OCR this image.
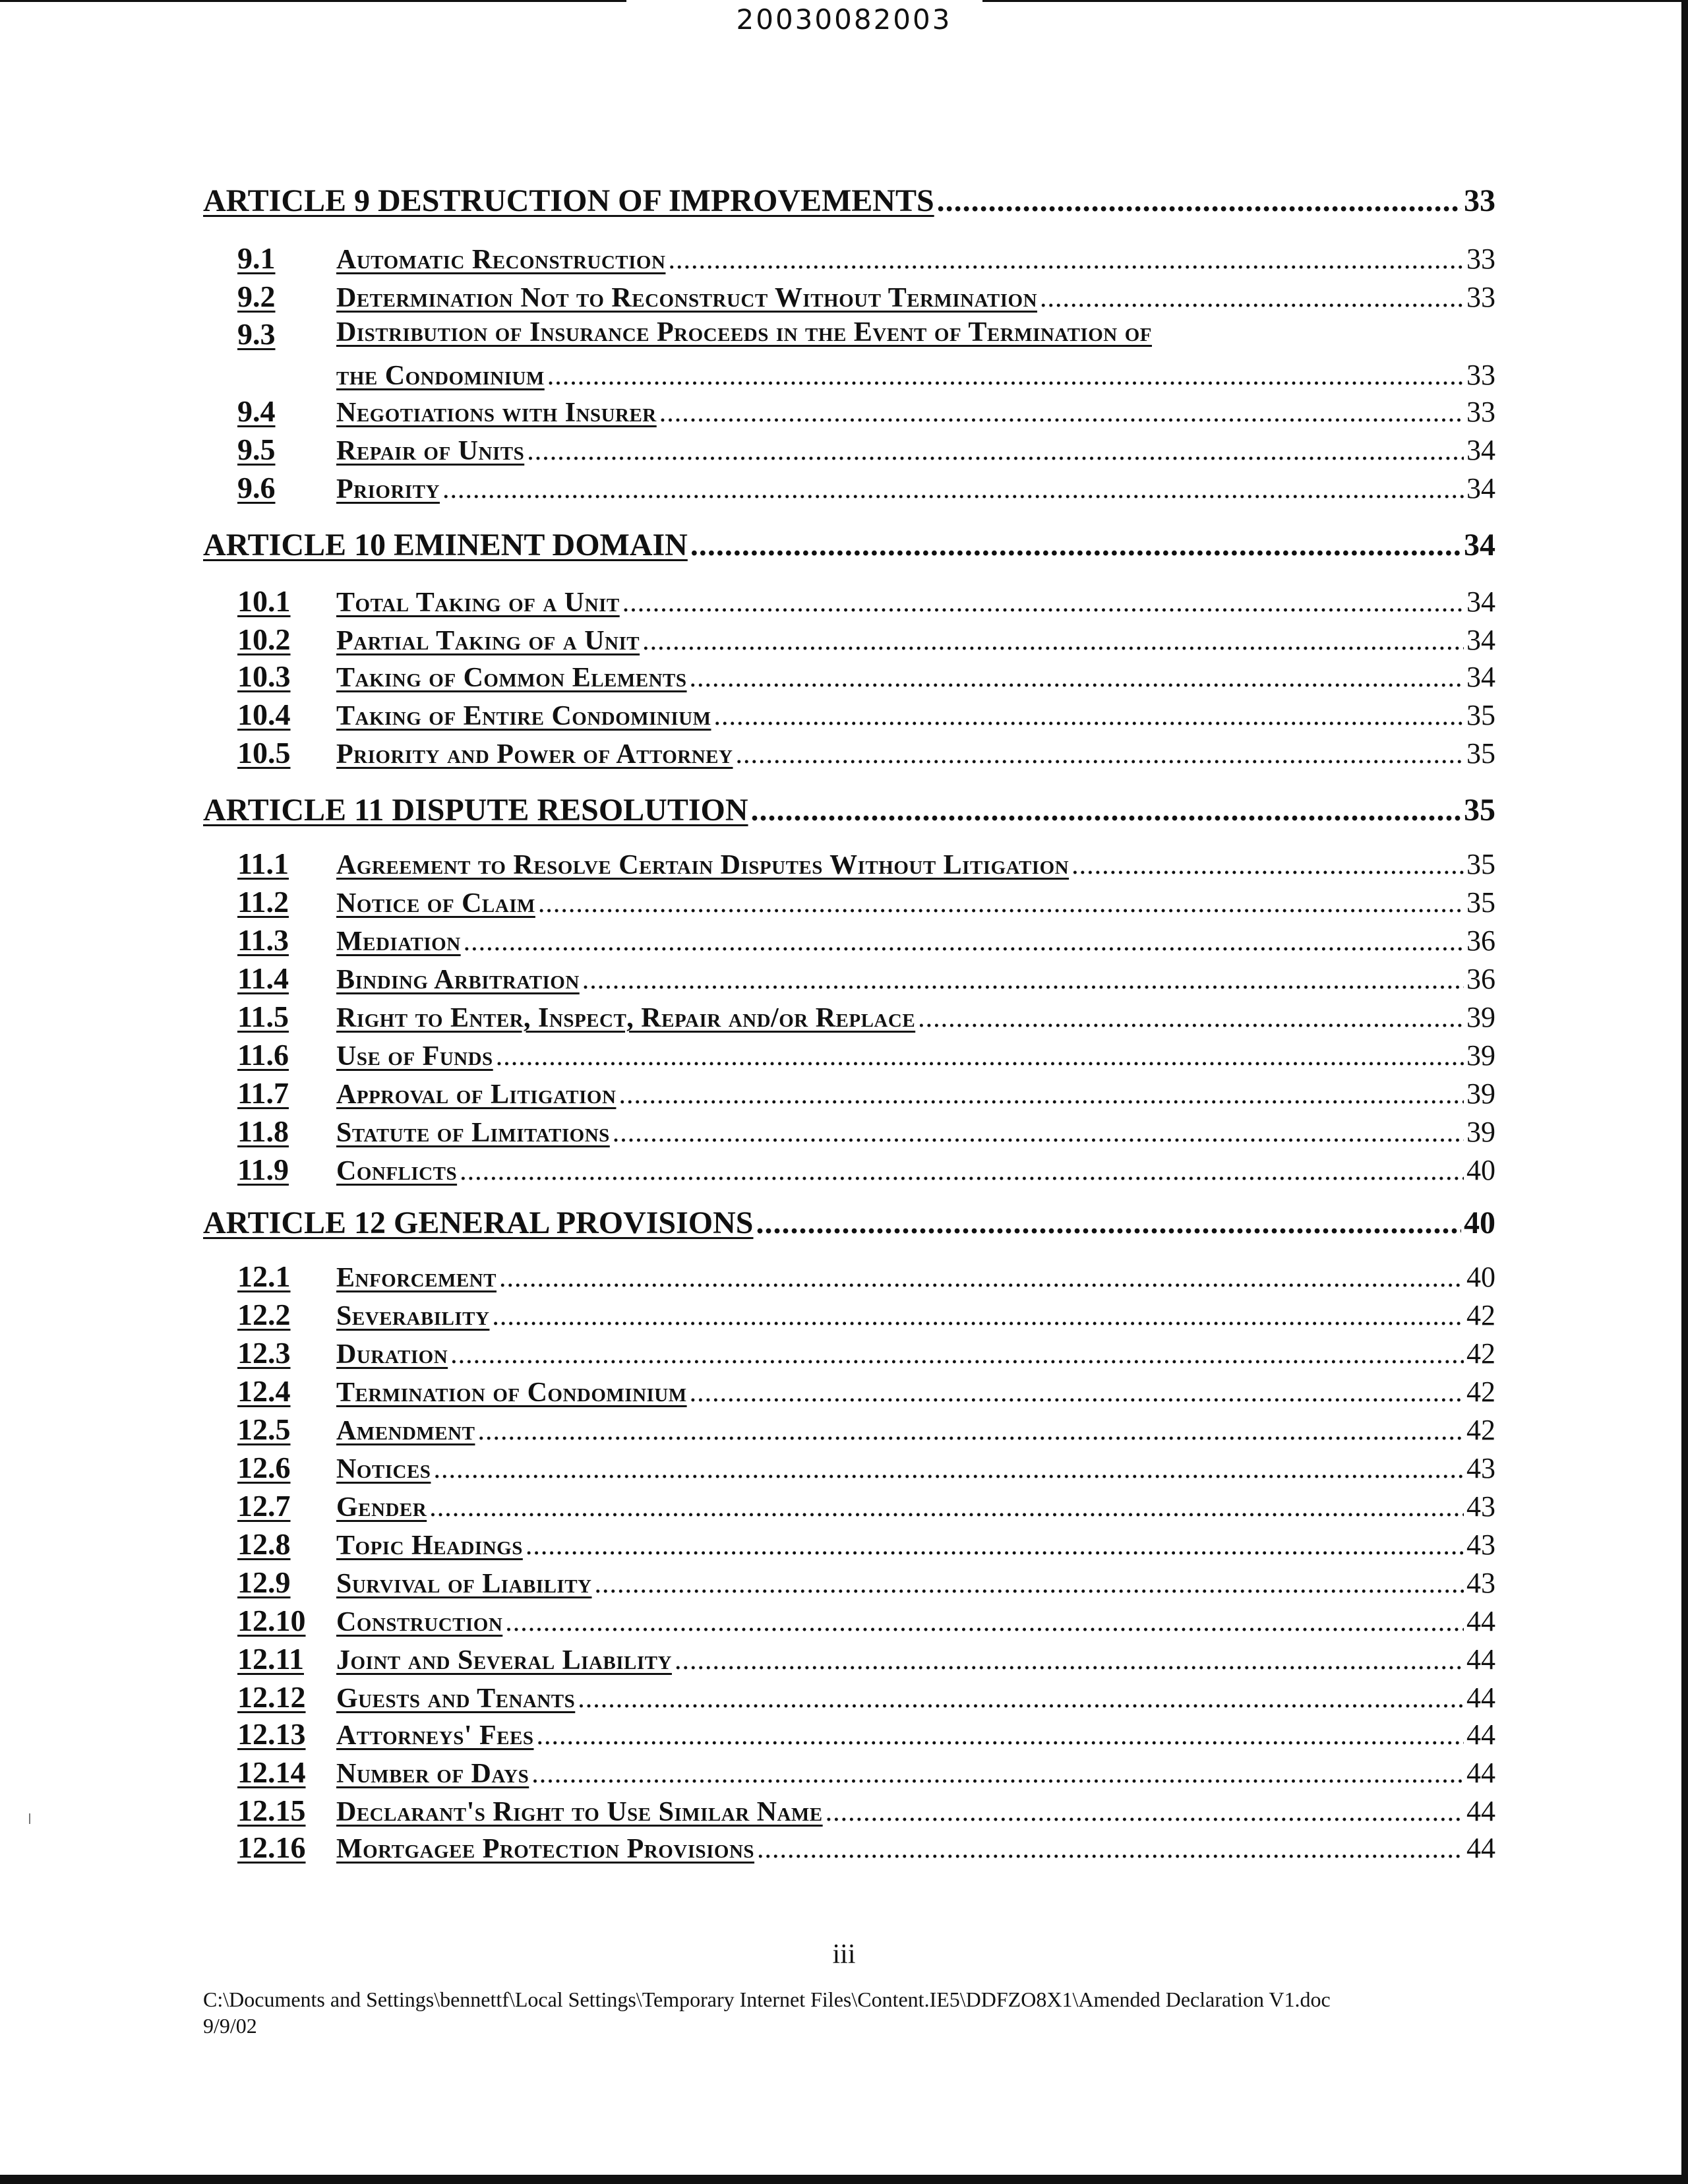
20030082003
ARTICLE 9 DESTRUCTION OF IMPROVEMENTS .....	33
9.1	Automatic Reconstruction .....	33
9.2	Determination Not to Reconstruct Without Termination .....	33
9.3	Distribution of Insurance Proceeds in the Event of Termination of
the Condominium .....	33
9.4	Negotiations with Insurer .....	33
9.5	Repair of Units .....	34
9.6	Priority .....	34
ARTICLE 10 EMINENT DOMAIN .....	34
10.1	Total Taking of a Unit .....	34
10.2	Partial Taking of a Unit .....	34
10.3	Taking of Common Elements .....	34
10.4	Taking of Entire Condominium .....	35
10.5	Priority and Power of Attorney .....	35
ARTICLE 11 DISPUTE RESOLUTION .....	35
11.1	Agreement to Resolve Certain Disputes Without Litigation .....	35
11.2	Notice of Claim .....	35
11.3	Mediation .....	36
11.4	Binding Arbitration .....	36
11.5	Right to Enter, Inspect, Repair and/or Replace .....	39
11.6	Use of Funds .....	39
11.7	Approval of Litigation .....	39
11.8	Statute of Limitations .....	39
11.9	Conflicts .....	40
ARTICLE 12 GENERAL PROVISIONS .....	40
12.1	Enforcement .....	40
12.2	Severability .....	42
12.3	Duration .....	42
12.4	Termination of Condominium .....	42
12.5	Amendment .....	42
12.6	Notices .....	43
12.7	Gender .....	43
12.8	Topic Headings .....	43
12.9	Survival of Liability .....	43
12.10	Construction .....	44
12.11	Joint and Several Liability .....	44
12.12	Guests and Tenants .....	44
12.13	Attorneys' Fees .....	44
12.14	Number of Days .....	44
12.15	Declarant's Right to Use Similar Name .....	44
12.16	Mortgagee Protection Provisions .....	44
iii
C:\Documents and Settings\bennettf\Local Settings\Temporary Internet Files\Content.IE5\DDFZO8X1\Amended Declaration V1.doc
9/9/02
